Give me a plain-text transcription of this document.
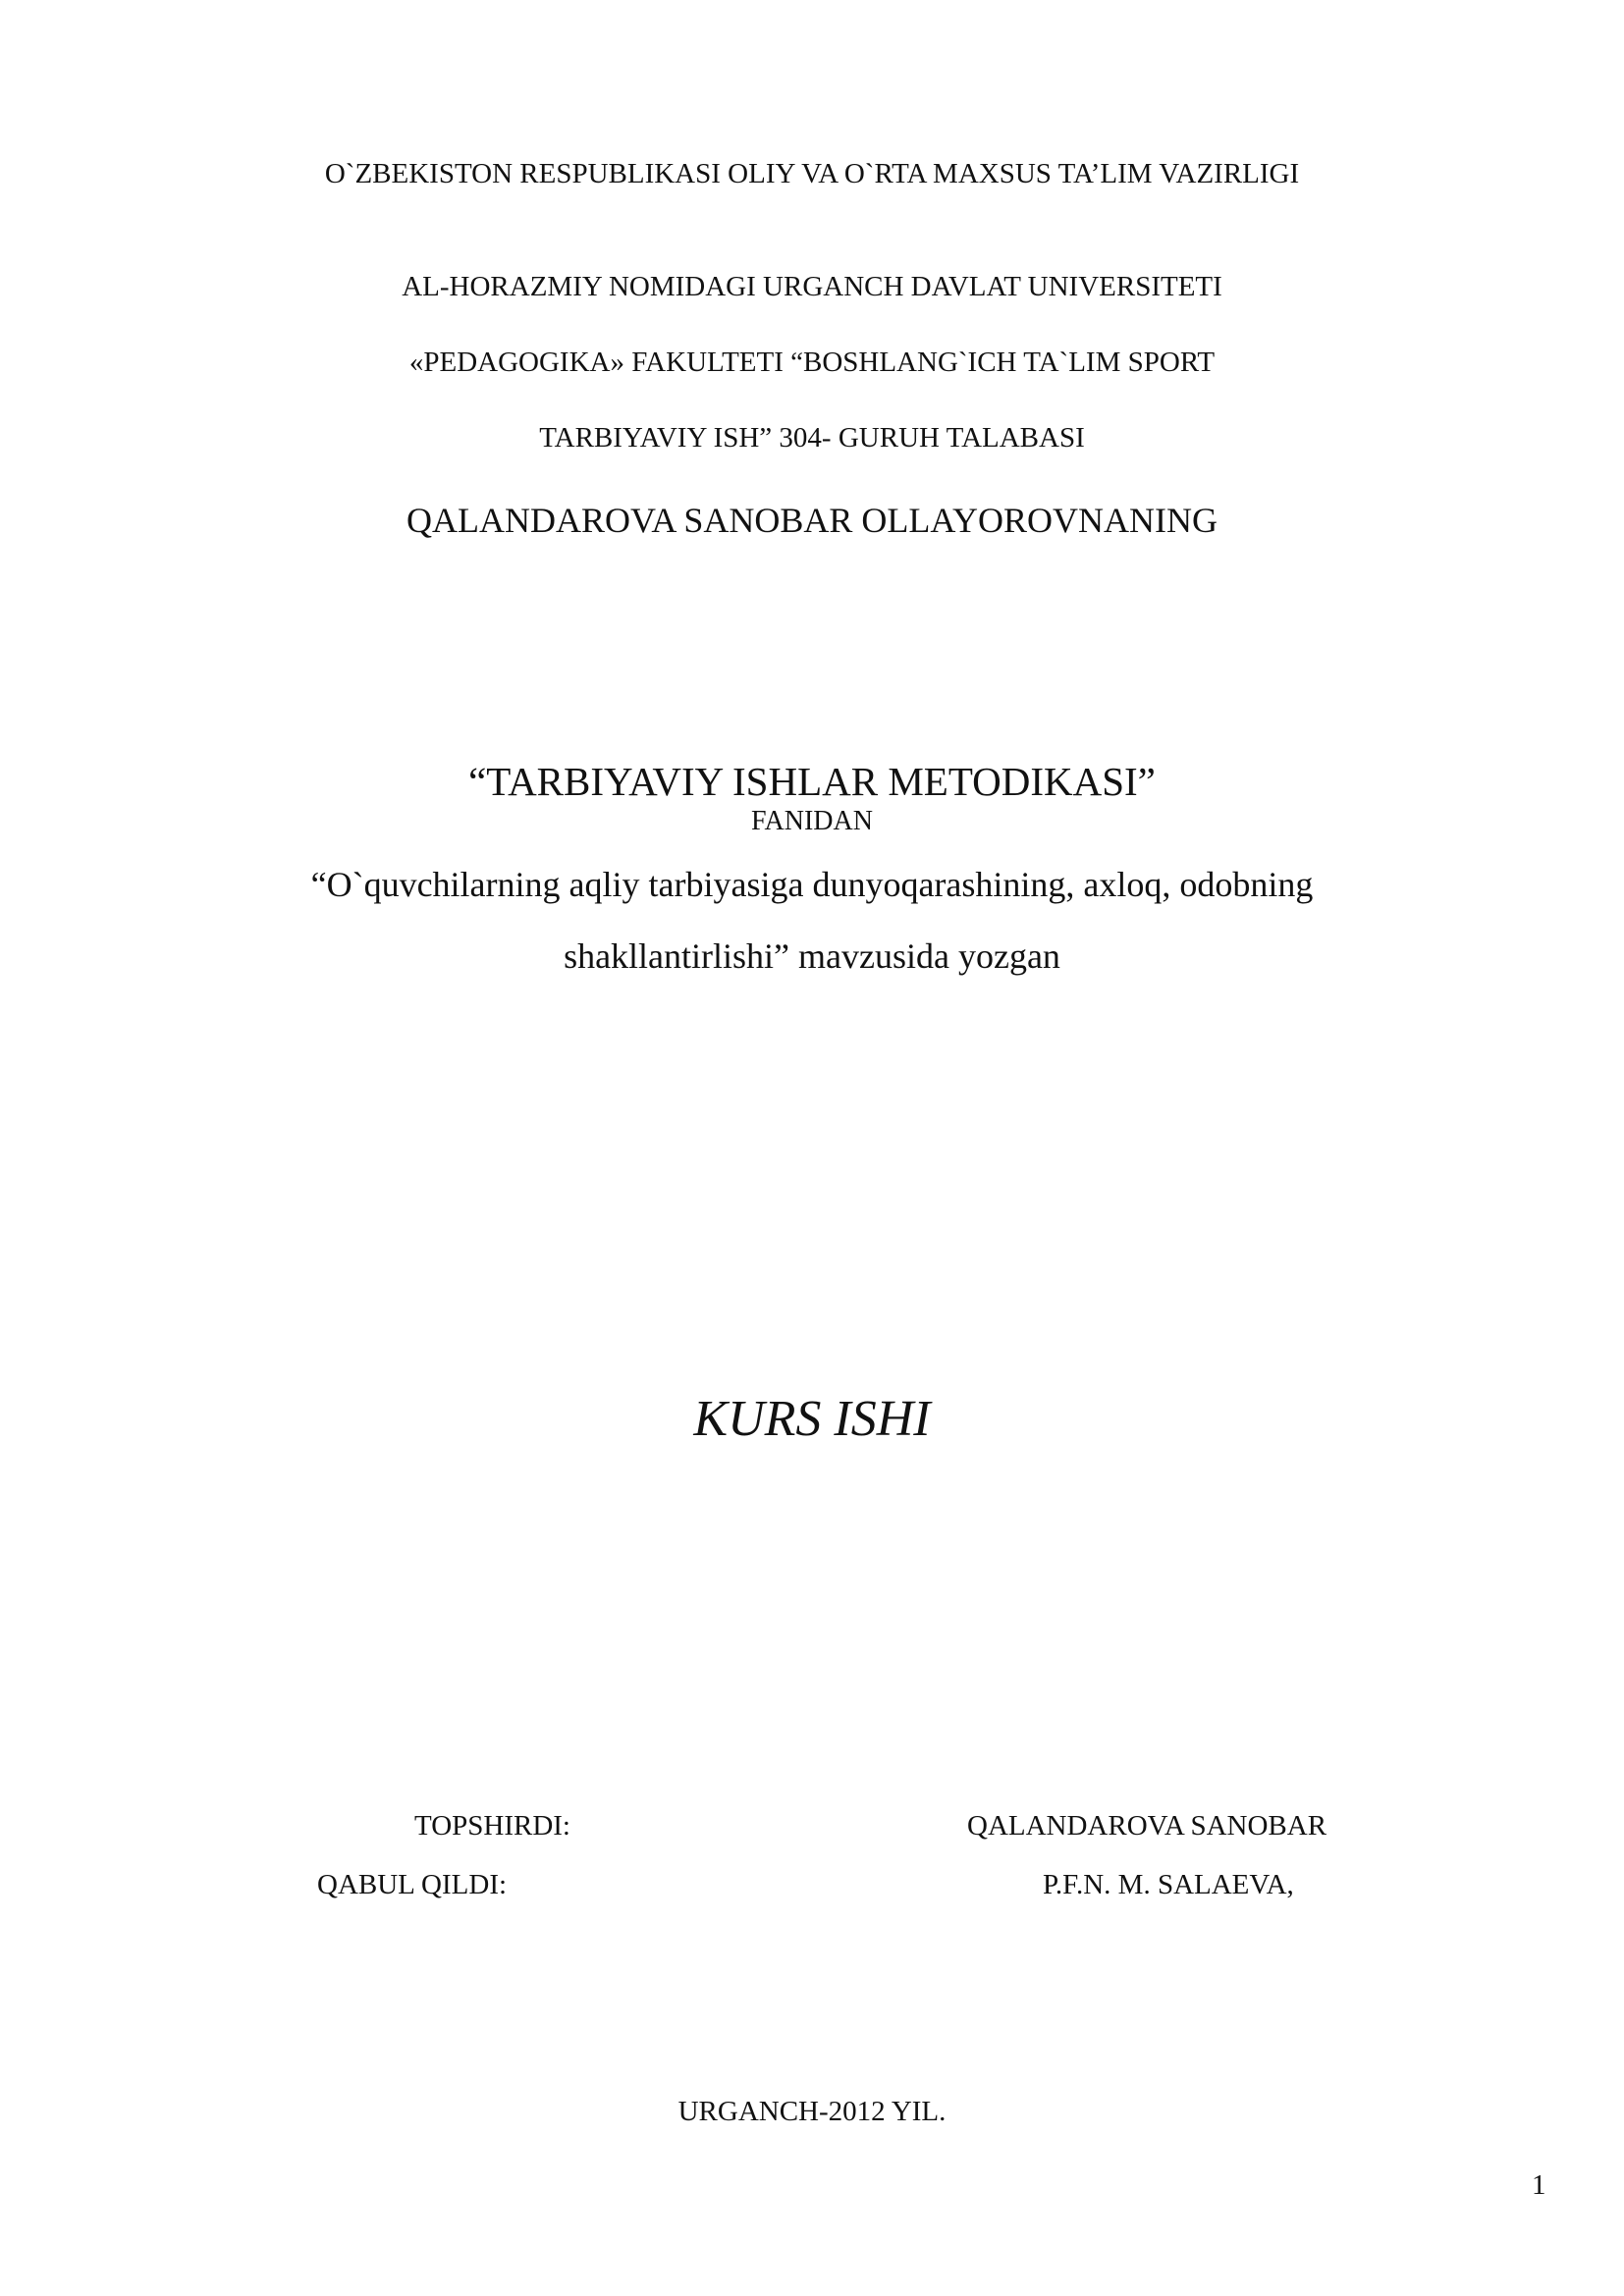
O`ZBEKISTON RESPUBLIKASI OLIY VA O`RTA MAXSUS TA’LIM VAZIRLIGI
AL-HORAZMIY NOMIDAGI URGANCH DAVLAT UNIVERSITETI
«PEDAGOGIKA» FAKULTETI “BOSHLANG`ICH TA`LIM SPORT
TARBIYAVIY ISH” 304- GURUH TALABASI
QALANDAROVA SANOBAR OLLAYOROVNANING
“TARBIYAVIY ISHLAR METODIKASI”
FANIDAN
“O`quvchilarning aqliy tarbiyasiga dunyoqarashining, axloq, odobning
shakllantirlishi” mavzusida yozgan
KURS ISHI
TOPSHIRDI:	QALANDAROVA SANOBAR
QABUL QILDI:	P.F.N. M. SALAEVA,
URGANCH-2012 YIL.
1
